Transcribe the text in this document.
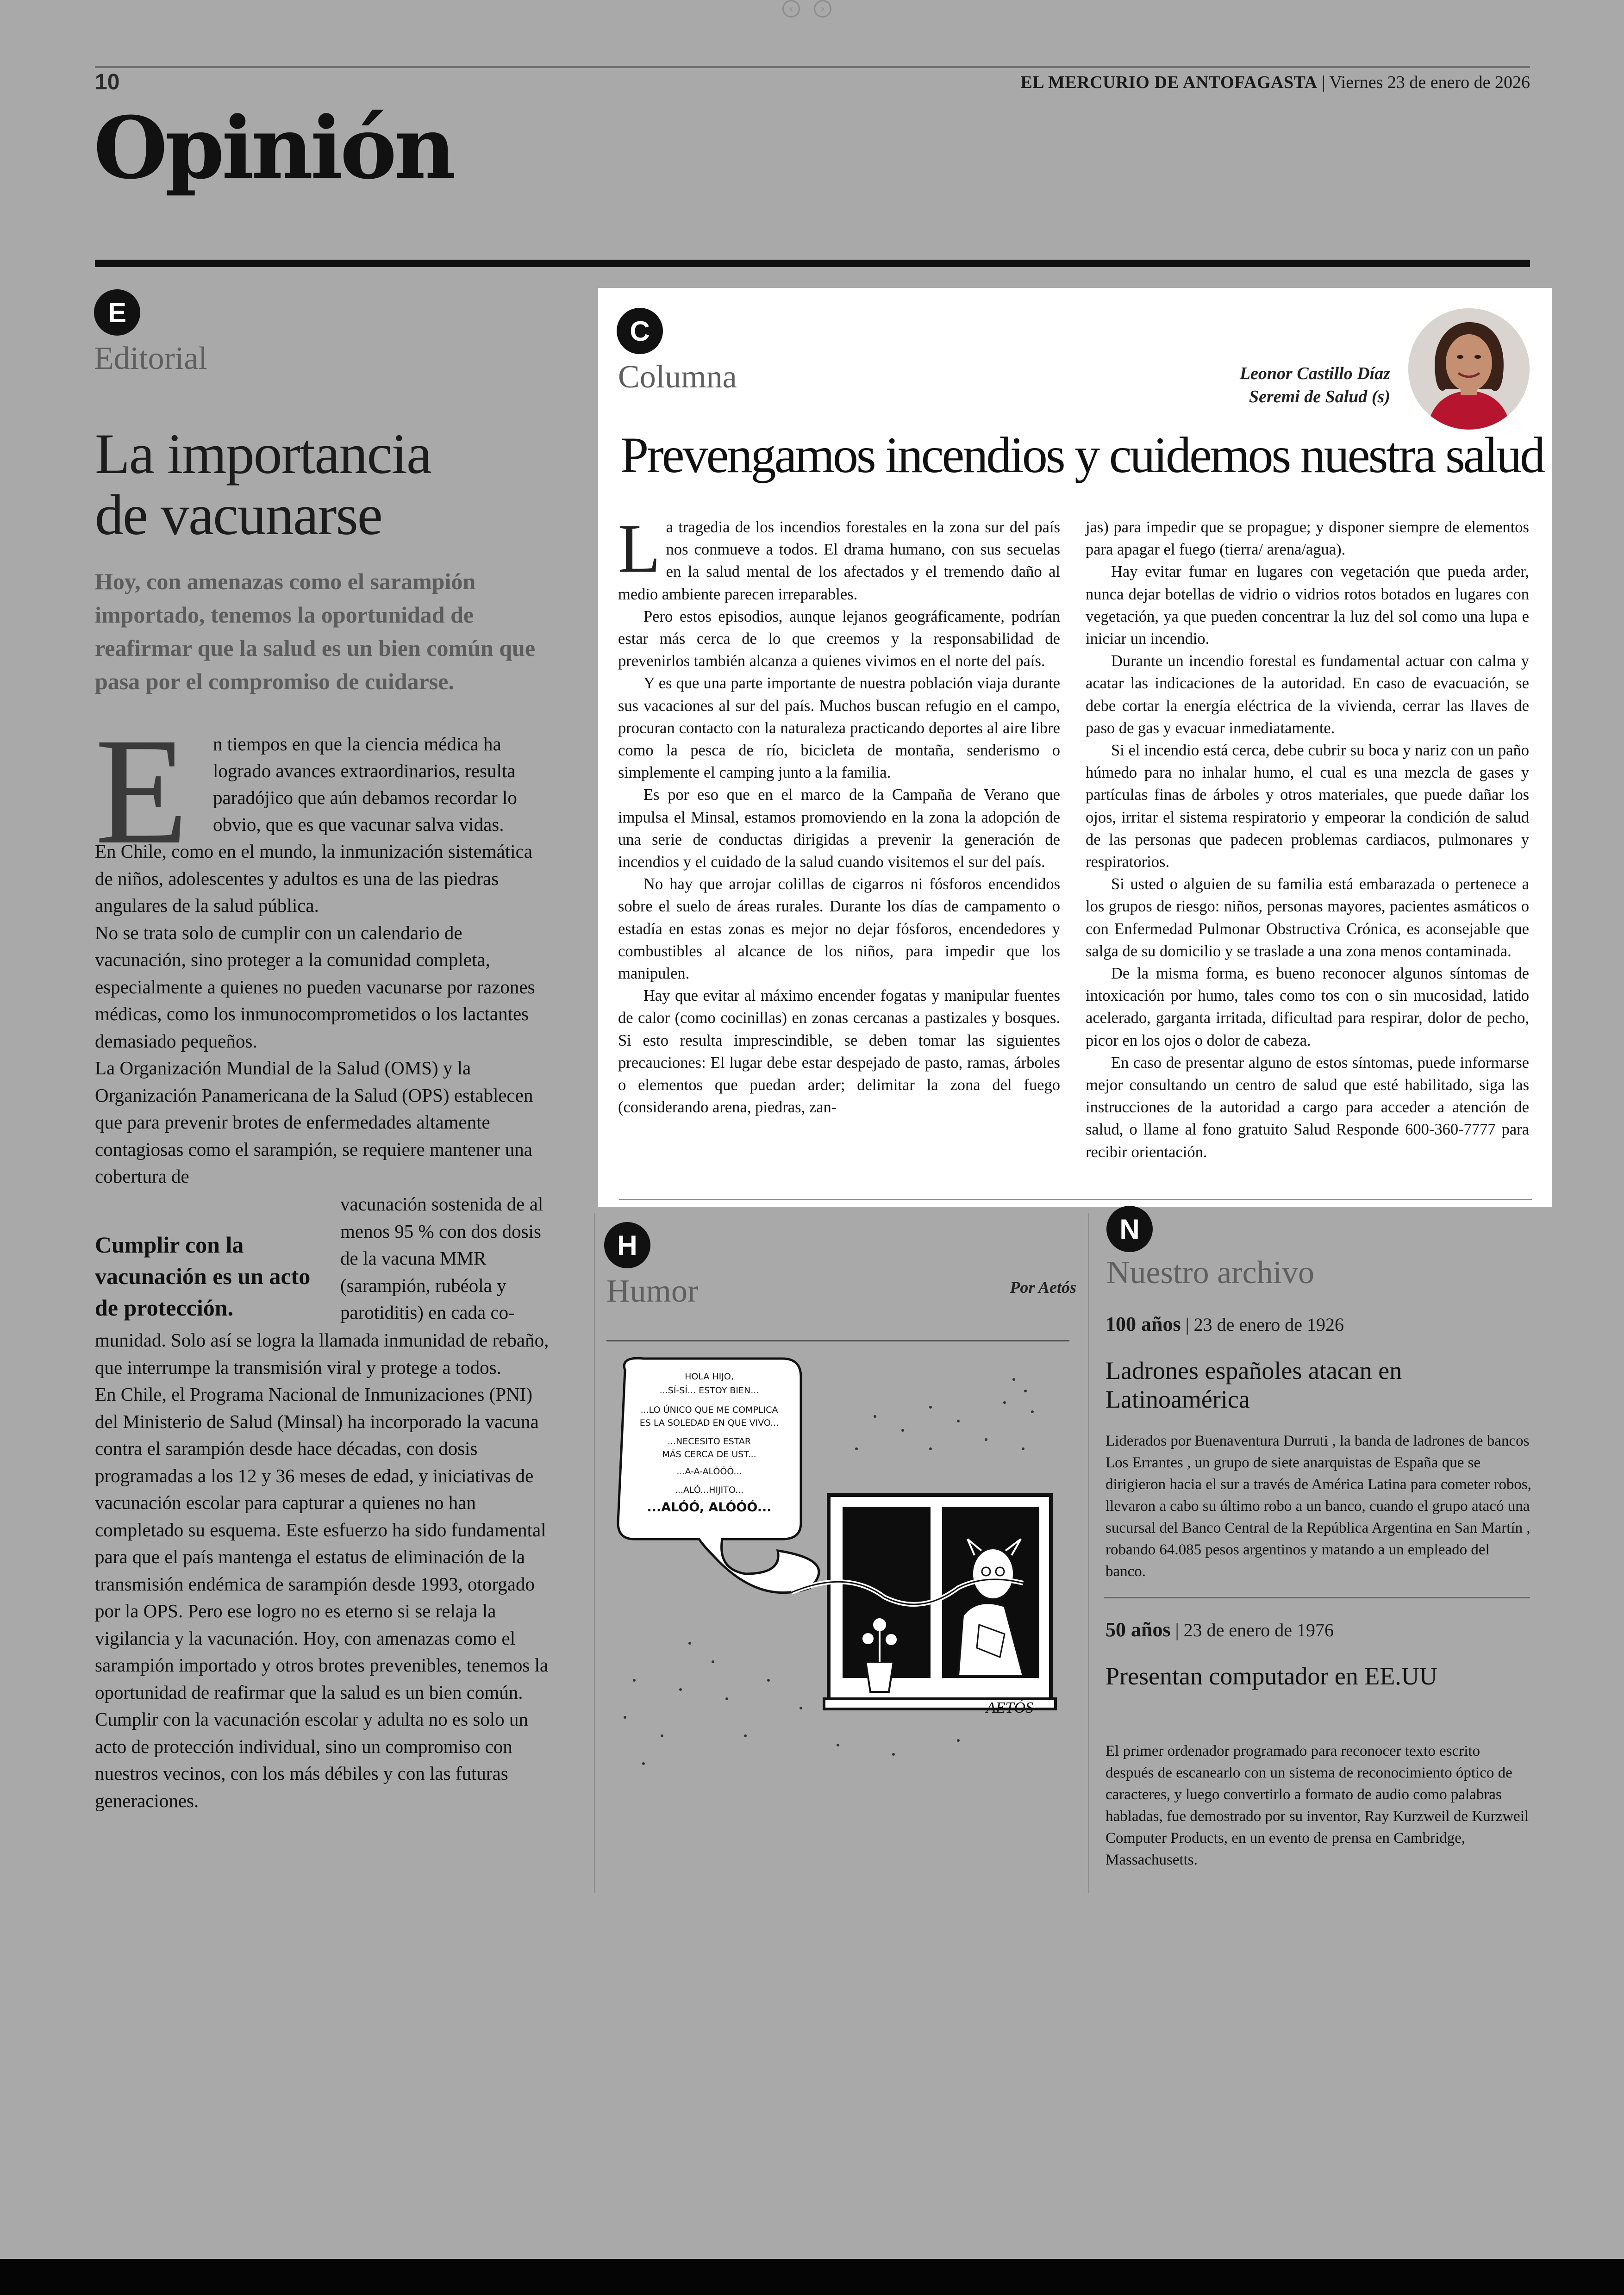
‹	›
10	EL MERCURIO DE ANTOFAGASTA | Viernes 23 de enero de 2026
Opinión
E
Editorial
La importancia
de vacunarse
Hoy, con amenazas como el sarampión importado, tenemos la oportunidad de reafirmar que la salud es un bien común que pasa por el compromiso de cuidarse.
E	n tiempos en que la ciencia médica ha logrado avances extraordinarios, resulta paradójico que aún debamos recordar lo obvio, que es que vacunar salva vidas.

En Chile, como en el mundo, la inmunización sistemática de niños, adolescentes y adultos es una de las piedras angulares de la salud pública.

No se trata solo de cumplir con un calendario de vacunación, sino proteger a la comunidad completa, especialmente a quienes no pueden vacunarse por razones médicas, como los inmunocomprometidos o los lactantes demasiado pequeños.

La Organización Mundial de la Salud (OMS) y la Organización Panamericana de la Salud (OPS) establecen que para prevenir brotes de enfermedades altamente contagiosas como el sarampión, se requiere mantener una cobertura de

Cumplir con la vacunación es un acto de protección.
vacunación sostenida de al menos 95 % con dos dosis de la vacuna MMR (sarampión, rubéola y parotiditis) en cada co-

munidad. Solo así se logra la llamada inmunidad de rebaño, que interrumpe la transmisión viral y protege a todos.

En Chile, el Programa Nacional de Inmunizaciones (PNI) del Ministerio de Salud (Minsal) ha incorporado la vacuna contra el sarampión desde hace décadas, con dosis programadas a los 12 y 36 meses de edad, y iniciativas de vacunación escolar para capturar a quienes no han completado su esquema. Este esfuerzo ha sido fundamental para que el país mantenga el estatus de eliminación de la transmisión endémica de sarampión desde 1993, otorgado por la OPS. Pero ese logro no es eterno si se relaja la vigilancia y la vacunación. Hoy, con amenazas como el sarampión importado y otros brotes prevenibles, tenemos la oportunidad de reafirmar que la salud es un bien común.

Cumplir con la vacunación escolar y adulta no es solo un acto de protección individual, sino un compromiso con nuestros vecinos, con los más débiles y con las futuras generaciones.

C
Columna	Leonor Castillo Díaz
Seremi de Salud (s)
Prevengamos incendios y cuidemos nuestra salud
L a tragedia de los incendios forestales en la zona sur del país nos conmueve a todos. El drama humano, con sus secuelas en la salud mental de los afectados y el tremendo daño al medio ambiente parecen irreparables.

Pero estos episodios, aunque lejanos geográficamente, podrían estar más cerca de lo que creemos y la responsabilidad de prevenirlos también alcanza a quienes vivimos en el norte del país.

Y es que una parte importante de nuestra población viaja durante sus vacaciones al sur del país. Muchos buscan refugio en el campo, procuran contacto con la naturaleza practicando deportes al aire libre como la pesca de río, bicicleta de montaña, senderismo o simplemente el camping junto a la familia.

Es por eso que en el marco de la Campaña de Verano que impulsa el Minsal, estamos promoviendo en la zona la adopción de una serie de conductas dirigidas a prevenir la generación de incendios y el cuidado de la salud cuando visitemos el sur del país.

No hay que arrojar colillas de cigarros ni fósforos encendidos sobre el suelo de áreas rurales. Durante los días de campamento o estadía en estas zonas es mejor no dejar fósforos, encendedores y combustibles al alcance de los niños, para impedir que los manipulen.

Hay que evitar al máximo encender fogatas y manipular fuentes de calor (como cocinillas) en zonas cercanas a pastizales y bosques. Si esto resulta imprescindible, se deben tomar las siguientes precauciones: El lugar debe estar despejado de pasto, ramas, árboles o elementos que puedan arder; delimitar la zona del fuego (considerando arena, piedras, zan-

jas) para impedir que se propague; y disponer siempre de elementos para apagar el fuego (tierra/ arena/agua).

Hay evitar fumar en lugares con vegetación que pueda arder, nunca dejar botellas de vidrio o vidrios rotos botados en lugares con vegetación, ya que pueden concentrar la luz del sol como una lupa e iniciar un incendio.

Durante un incendio forestal es fundamental actuar con calma y acatar las indicaciones de la autoridad. En caso de evacuación, se debe cortar la energía eléctrica de la vivienda, cerrar las llaves de paso de gas y evacuar inmediatamente.

Si el incendio está cerca, debe cubrir su boca y nariz con un paño húmedo para no inhalar humo, el cual es una mezcla de gases y partículas finas de árboles y otros materiales, que puede dañar los ojos, irritar el sistema respiratorio y empeorar la condición de salud de las personas que padecen problemas cardiacos, pulmonares y respiratorios.

Si usted o alguien de su familia está embarazada o pertenece a los grupos de riesgo: niños, personas mayores, pacientes asmáticos o con Enfermedad Pulmonar Obstructiva Crónica, es aconsejable que salga de su domicilio y se traslade a una zona menos contaminada.

De la misma forma, es bueno reconocer algunos síntomas de intoxicación por humo, tales como tos con o sin mucosidad, latido acelerado, garganta irritada, dificultad para respirar, dolor de pecho, picor en los ojos o dolor de cabeza.

En caso de presentar alguno de estos síntomas, puede informarse mejor consultando un centro de salud que esté habilitado, siga las instrucciones de la autoridad a cargo para acceder a atención de salud, o llame al fono gratuito Salud Responde 600-360-7777 para recibir orientación.

H
Humor	Por Aetós
HOLA HIJO,
...SÍ-SÍ... ESTOY BIEN...
...LO ÚNICO QUE ME COMPLICA
ES LA SOLEDAD EN QUE VIVO...
...NECESITO ESTAR
MÁS CERCA DE UST...
...A-A-ALÓÓÓ...
...ALÓ...HIJITO...
...ALÓÓ, ALÓÓÓ...
AETÓS
N
Nuestro archivo
100 años | 23 de enero de 1926
Ladrones españoles atacan en Latinoamérica
Liderados por Buenaventura Durruti , la banda de ladrones de bancos Los Errantes , un grupo de siete anarquistas de España que se dirigieron hacia el sur a través de América Latina para cometer robos, llevaron a cabo su último robo a un banco, cuando el grupo atacó una sucursal del Banco Central de la República Argentina en San Martín , robando 64.085 pesos argentinos y matando a un empleado del banco.
50 años | 23 de enero de 1976
Presentan computador en EE.UU
El primer ordenador programado para reconocer texto escrito después de escanearlo con un sistema de reconocimiento óptico de caracteres, y luego convertirlo a formato de audio como palabras habladas, fue demostrado por su inventor, Ray Kurzweil de Kurzweil Computer Products, en un evento de prensa en Cambridge, Massachusetts.
